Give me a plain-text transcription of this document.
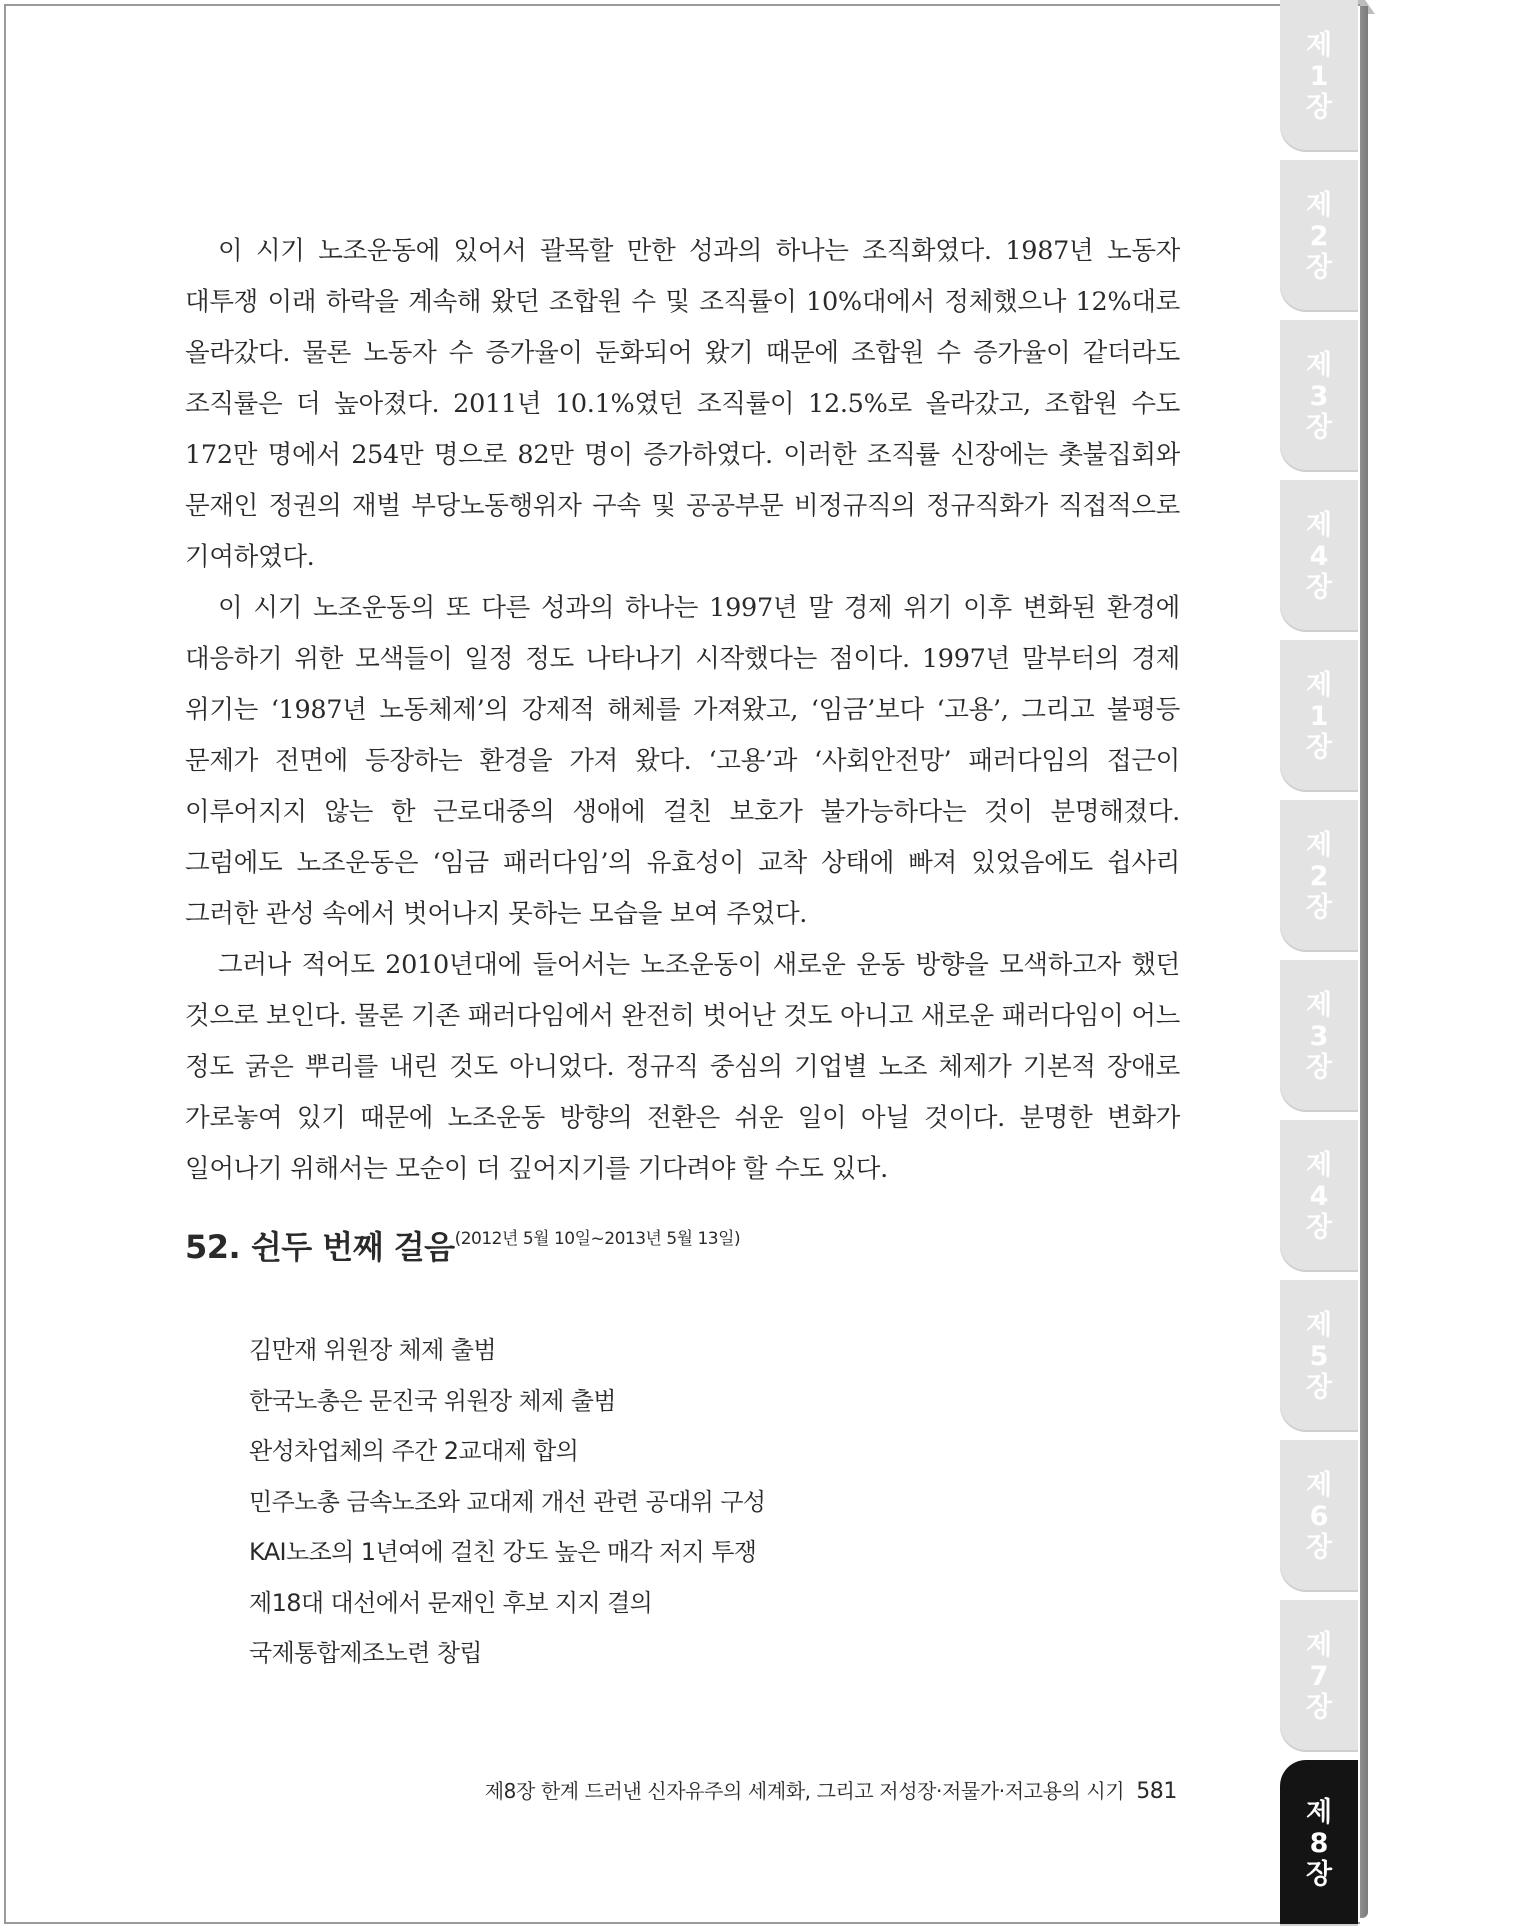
제
1
장
제
2
장
제
3
장
제
4
장
제
1
장
제
2
장
제
3
장
제
4
장
제
5
장
제
6
장
제
7
장
제
8
장

이 시기 노조운동에 있어서 괄목할 만한 성과의 하나는 조직화였다. 1987년 노동자 대투쟁 이래 하락을 계속해 왔던 조합원 수 및 조직률이 10%대에서 정체했으나 12%대로 올라갔다. 물론 노동자 수 증가율이 둔화되어 왔기 때문에 조합원 수 증가율이 같더라도 조직률은 더 높아졌다. 2011년 10.1%였던 조직률이 12.5%로 올라갔고, 조합원 수도 172만 명에서 254만 명으로 82만 명이 증가하였다. 이러한 조직률 신장에는 촛불집회와 문재인 정권의 재벌 부당노동행위자 구속 및 공공부문 비정규직의 정규직화가 직접적으로 기여하였다.

이 시기 노조운동의 또 다른 성과의 하나는 1997년 말 경제 위기 이후 변화된 환경에 대응하기 위한 모색들이 일정 정도 나타나기 시작했다는 점이다. 1997년 말부터의 경제 위기는 ‘1987년 노동체제’의 강제적 해체를 가져왔고, ‘임금’보다 ‘고용’, 그리고 불평등 문제가 전면에 등장하는 환경을 가져 왔다. ‘고용’과 ‘사회안전망’ 패러다임의 접근이 이루어지지 않는 한 근로대중의 생애에 걸친 보호가 불가능하다는 것이 분명해졌다. 그럼에도 노조운동은 ‘임금 패러다임’의 유효성이 교착 상태에 빠져 있었음에도 쉽사리 그러한 관성 속에서 벗어나지 못하는 모습을 보여 주었다.

그러나 적어도 2010년대에 들어서는 노조운동이 새로운 운동 방향을 모색하고자 했던 것으로 보인다. 물론 기존 패러다임에서 완전히 벗어난 것도 아니고 새로운 패러다임이 어느 정도 굵은 뿌리를 내린 것도 아니었다. 정규직 중심의 기업별 노조 체제가 기본적 장애로 가로놓여 있기 때문에 노조운동 방향의 전환은 쉬운 일이 아닐 것이다. 분명한 변화가 일어나기 위해서는 모순이 더 깊어지기를 기다려야 할 수도 있다.

52. 쉰두 번째 걸음(2012년 5월 10일~2013년 5월 13일)
김만재 위원장 체제 출범
한국노총은 문진국 위원장 체제 출범
완성차업체의 주간 2교대제 합의
민주노총 금속노조와 교대제 개선 관련 공대위 구성
KAI노조의 1년여에 걸친 강도 높은 매각 저지 투쟁
제18대 대선에서 문재인 후보 지지 결의
국제통합제조노련 창립
제8장 한계 드러낸 신자유주의 세계화, 그리고 저성장·저물가·저고용의 시기 581
